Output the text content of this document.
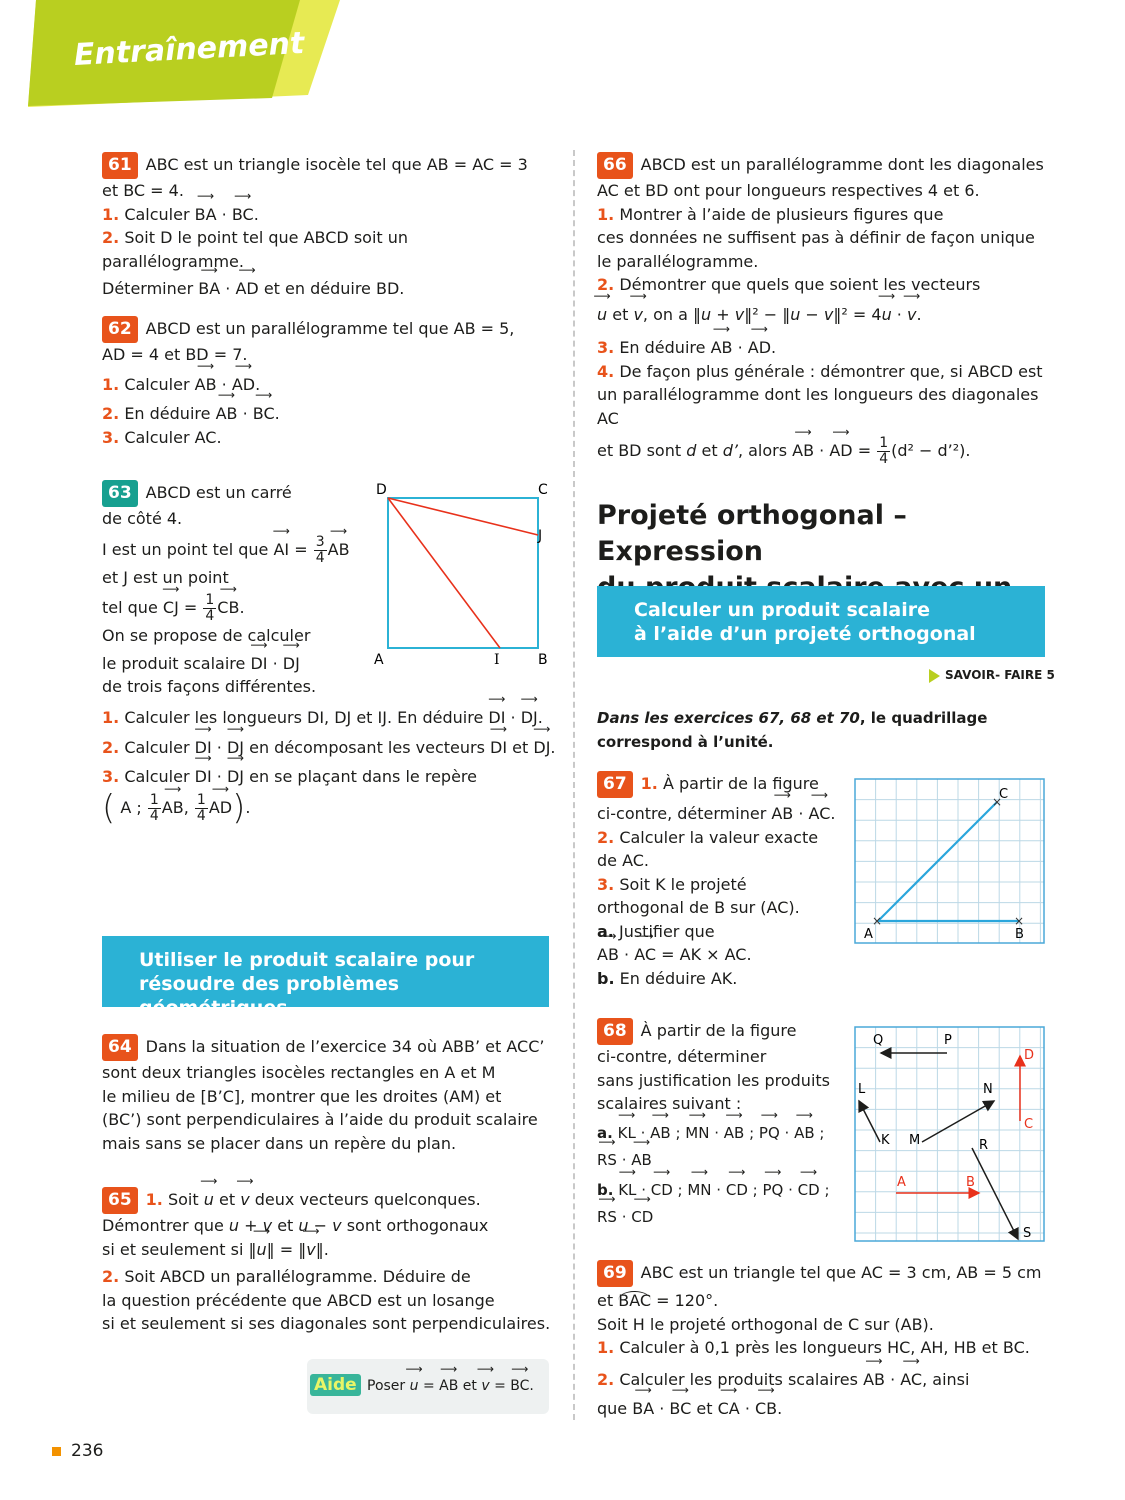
Entraînement

61 ABC est un triangle isocèle tel que AB = AC = 3

et BC = 4.

1. Calculer ⟶ BA · ⟶ BC.

2. Soit D le point tel que ABCD soit un parallélogramme.

Déterminer ⟶ BA · ⟶ AD et en déduire BD.

62 ABCD est un parallélogramme tel que AB = 5,

AD = 4 et BD = 7.

1. Calculer ⟶ AB · ⟶ AD.

2. En déduire ⟶ AB · ⟶ BC.

3. Calculer AC.

63 ABCD est un carré

de côté 4.

I est un point tel que ⟶ AI = $\frac{3}{4}$ ⟶ AB

et J est un point

tel que ⟶ CJ = $\frac{1}{4}$ ⟶ CB.

On se propose de calculer

le produit scalaire ⟶ DI · ⟶ DJ

de trois façons différentes.

1. Calculer les longueurs DI, DJ et IJ. En déduire ⟶ DI · ⟶ DJ.

2. Calculer ⟶ DI · ⟶ DJ en décomposant les vecteurs ⟶ DI et ⟶ DJ.

3. Calculer ⟶ DI · ⟶ DJ en se plaçant dans le repère

( A ; $\frac{1}{4}$ ⟶ AB, $\frac{1}{4}$ ⟶ AD).

D	C
J
A	I	B
Utiliser le produit scalaire pour
résoudre des problèmes géométriques

64 Dans la situation de l’exercice 34 où ABB’ et ACC’

sont deux triangles isocèles rectangles en A et M

le milieu de [B’C], montrer que les droites (AM) et

(BC’) sont perpendiculaires à l’aide du produit scalaire

mais sans se placer dans un repère du plan.

65 1. Soit ⟶ u et ⟶ v deux vecteurs quelconques.

Démontrer que u + v et u − v sont orthogonaux

si et seulement si ‖⟶ u‖ = ‖⟶ v‖.

2. Soit ABCD un parallélogramme. Déduire de

la question précédente que ABCD est un losange

si et seulement si ses diagonales sont perpendiculaires.

Aide Poser ⟶ u = ⟶ AB et ⟶ v = ⟶ BC.

66 ABCD est un parallélogramme dont les diagonales

AC et BD ont pour longueurs respectives 4 et 6.

1. Montrer à l’aide de plusieurs figures que

ces données ne suffisent pas à définir de façon unique

le parallélogramme.

2. Démontrer que quels que soient les vecteurs

⟶ u et ⟶ v, on a ‖u + v‖² − ‖u − v‖² = 4⟶ u · ⟶ v.

3. En déduire ⟶ AB · ⟶ AD.

4. De façon plus générale : démontrer que, si ABCD est

un parallélogramme dont les longueurs des diagonales AC

et BD sont d et d’, alors ⟶ AB · ⟶ AD = $\frac{1}{4} (d^2$ − d’²).

Projeté orthogonal – Expression
Calculer un produit scalaire
à l’aide d’un projeté orthogonal
SAVOIR- FAIRE 5
Dans les exercices 67, 68 et 70, le quadrillage
correspond à l’unité.

67 1. À partir de la figure

ci-contre, déterminer ⟶ AB · ⟶ AC.

2. Calculer la valeur exacte

de AC.

3. Soit K le projeté

orthogonal de B sur (AC).

a. Justifier que

⟶ AB · ⟶ AC = AK × AC.

b. En déduire AK.

×	×
×
A	B
C

68 À partir de la figure

ci-contre, déterminer

sans justification les produits

scalaires suivant :

a. ⟶ KL · ⟶ AB ; ⟶ MN · ⟶ AB ; ⟶ PQ · ⟶ AB ;

⟶ RS · ⟶ AB

b. ⟶ KL · ⟶ CD ; ⟶ MN · ⟶ CD ; ⟶ PQ · ⟶ CD ;

⟶ RS · ⟶ CD

Q	P
D
L	N
C
K M	R
A	B
S

69 ABC est un triangle tel que AC = 3 cm, AB = 5 cm

et BAC = 120°.

Soit H le projeté orthogonal de C sur (AB).

1. Calculer à 0,1 près les longueurs HC, AH, HB et BC.

2. Calculer les produits scalaires ⟶ AB · ⟶ AC, ainsi

que ⟶ BA · ⟶ BC et ⟶ CA · ⟶ CB.

236
